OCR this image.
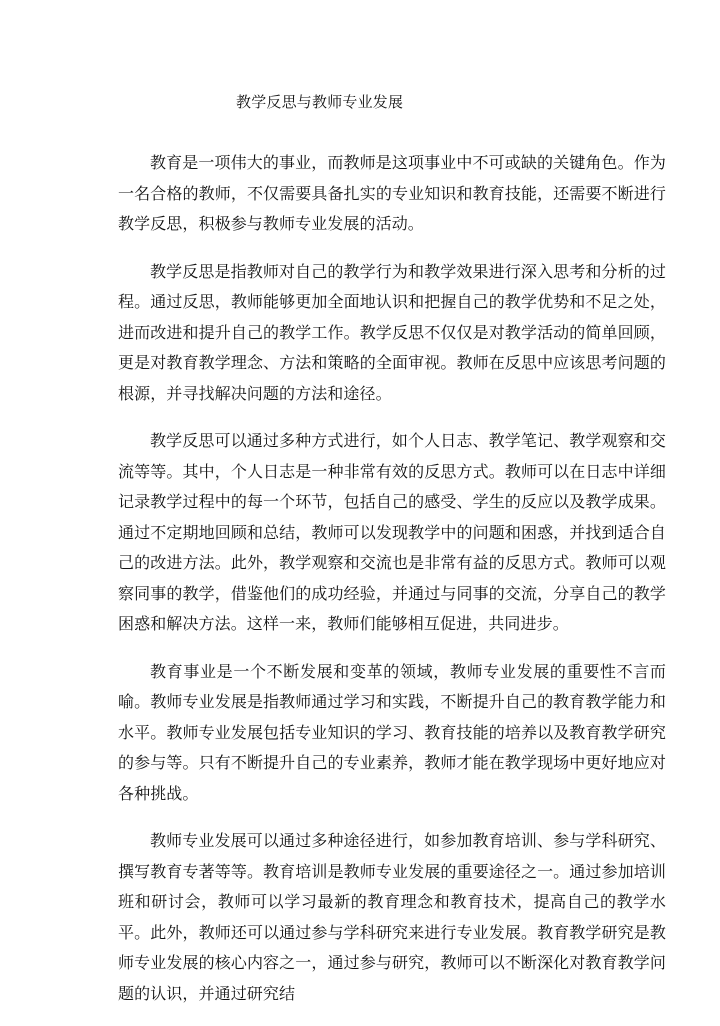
教学反思与教师专业发展

教育是一项伟大的事业，而教师是这项事业中不可或缺的关键角色。作为一名合格的教师，不仅需要具备扎实的专业知识和教育技能，还需要不断进行教学反思，积极参与教师专业发展的活动。

教学反思是指教师对自己的教学行为和教学效果进行深入思考和分析的过程。通过反思，教师能够更加全面地认识和把握自己的教学优势和不足之处，进而改进和提升自己的教学工作。教学反思不仅仅是对教学活动的简单回顾，更是对教育教学理念、方法和策略的全面审视。教师在反思中应该思考问题的根源，并寻找解决问题的方法和途径。

教学反思可以通过多种方式进行，如个人日志、教学笔记、教学观察和交流等等。其中，个人日志是一种非常有效的反思方式。教师可以在日志中详细记录教学过程中的每一个环节，包括自己的感受、学生的反应以及教学成果。通过不定期地回顾和总结，教师可以发现教学中的问题和困惑，并找到适合自己的改进方法。此外，教学观察和交流也是非常有益的反思方式。教师可以观察同事的教学，借鉴他们的成功经验，并通过与同事的交流，分享自己的教学困惑和解决方法。这样一来，教师们能够相互促进，共同进步。

教育事业是一个不断发展和变革的领域，教师专业发展的重要性不言而喻。教师专业发展是指教师通过学习和实践，不断提升自己的教育教学能力和水平。教师专业发展包括专业知识的学习、教育技能的培养以及教育教学研究的参与等。只有不断提升自己的专业素养，教师才能在教学现场中更好地应对各种挑战。

教师专业发展可以通过多种途径进行，如参加教育培训、参与学科研究、撰写教育专著等等。教育培训是教师专业发展的重要途径之一。通过参加培训班和研讨会，教师可以学习最新的教育理念和教育技术，提高自己的教学水平。此外，教师还可以通过参与学科研究来进行专业发展。教育教学研究是教师专业发展的核心内容之一，通过参与研究，教师可以不断深化对教育教学问题的认识，并通过研究结
